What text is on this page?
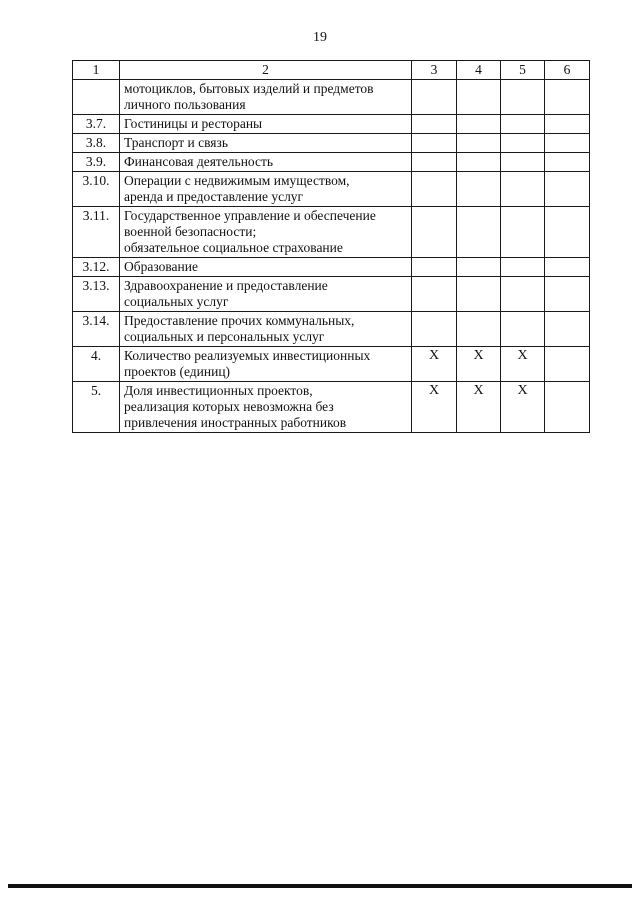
19
1	2	3	4	5	6

	мотоциклов, бытовых изделий и предметов
личного пользования				

3.7.	Гостиницы и рестораны				

3.8.	Транспорт и связь				

3.9.	Финансовая деятельность				

3.10.	Операции с недвижимым имуществом,
аренда и предоставление услуг				

3.11.	Государственное управление и обеспечение
военной безопасности;
обязательное социальное страхование				

3.12.	Образование				

3.13.	Здравоохранение и предоставление
социальных услуг				

3.14.	Предоставление прочих коммунальных,
социальных и персональных услуг				

4.	Количество реализуемых инвестиционных
проектов (единиц)	Х	Х	Х	
5.	Доля инвестиционных проектов,
реализация которых невозможна без
привлечения иностранных работников	Х	Х	Х	
